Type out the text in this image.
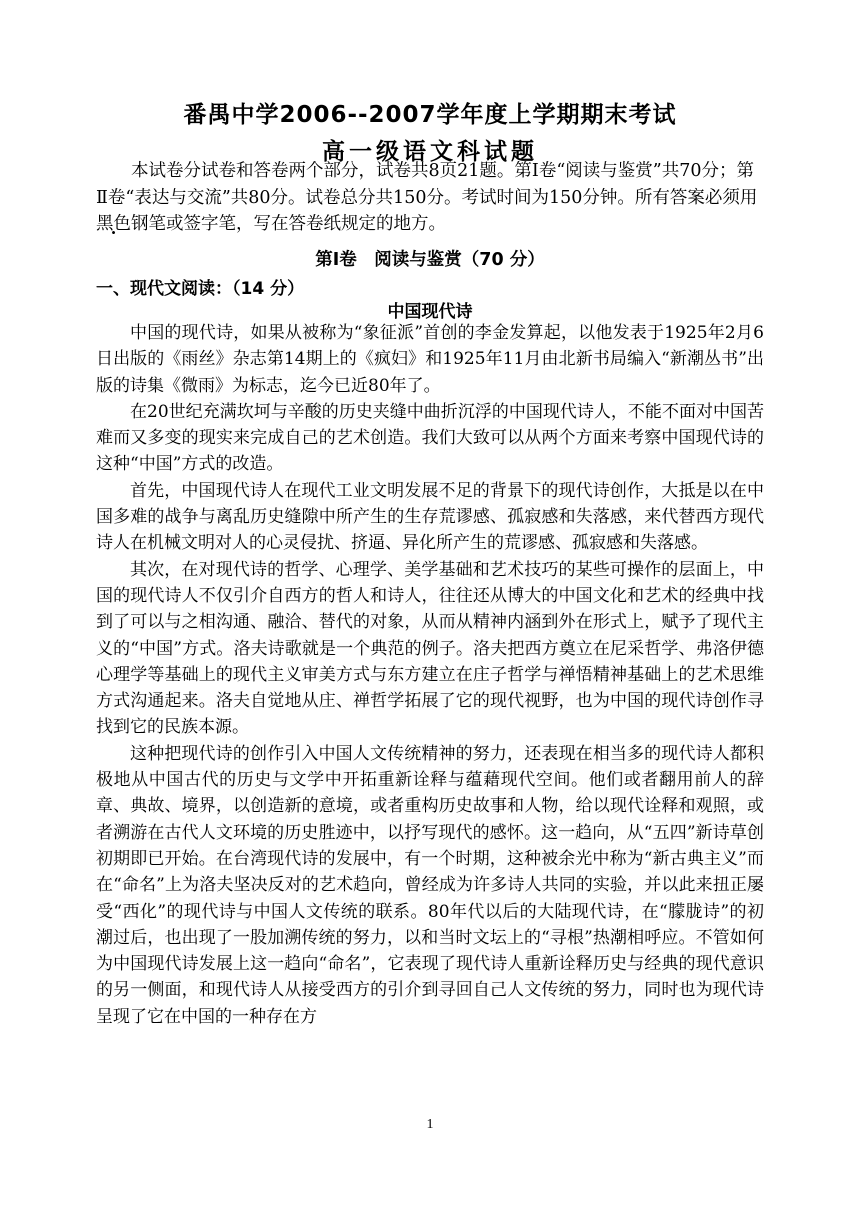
番禺中学2006--2007学年度上学期期末考试
高一级语文科试题
本试卷分试卷和答卷两个部分，试卷共8页21题。第Ⅰ卷“阅读与鉴赏”共70分；第Ⅱ卷“表达与交流”共80分。试卷总分共150分。考试时间为150分钟。所有答案必须用黑色钢笔或签字笔，写在答卷纸规定的地方。
第Ⅰ卷　阅读与鉴赏（70 分）
一、现代文阅读：（14 分）
中国现代诗

中国的现代诗，如果从被称为“象征派”首创的李金发算起，以他发表于1925年2月6日出版的《雨丝》杂志第14期上的《疯妇》和1925年11月由北新书局编入“新潮丛书”出版的诗集《微雨》为标志，迄今已近80年了。

在20世纪充满坎坷与辛酸的历史夹缝中曲折沉浮的中国现代诗人，不能不面对中国苦难而又多变的现实来完成自己的艺术创造。我们大致可以从两个方面来考察中国现代诗的这种“中国”方式的改造。

首先，中国现代诗人在现代工业文明发展不足的背景下的现代诗创作，大抵是以在中国多难的战争与离乱历史缝隙中所产生的生存荒谬感、孤寂感和失落感，来代替西方现代诗人在机械文明对人的心灵侵扰、挤逼、异化所产生的荒谬感、孤寂感和失落感。

其次，在对现代诗的哲学、心理学、美学基础和艺术技巧的某些可操作的层面上，中国的现代诗人不仅引介自西方的哲人和诗人，往往还从博大的中国文化和艺术的经典中找到了可以与之相沟通、融洽、替代的对象，从而从精神内涵到外在形式上，赋予了现代主义的“中国”方式。洛夫诗歌就是一个典范的例子。洛夫把西方奠立在尼采哲学、弗洛伊德心理学等基础上的现代主义审美方式与东方建立在庄子哲学与禅悟精神基础上的艺术思维方式沟通起来。洛夫自觉地从庄、禅哲学拓展了它的现代视野，也为中国的现代诗创作寻找到它的民族本源。

这种把现代诗的创作引入中国人文传统精神的努力，还表现在相当多的现代诗人都积极地从中国古代的历史与文学中开拓重新诠释与蕴藉现代空间。他们或者翻用前人的辞章、典故、境界，以创造新的意境，或者重构历史故事和人物，给以现代诠释和观照，或者溯游在古代人文环境的历史胜迹中，以抒写现代的感怀。这一趋向，从“五四”新诗草创初期即已开始。在台湾现代诗的发展中，有一个时期，这种被余光中称为“新古典主义”而在“命名”上为洛夫坚决反对的艺术趋向，曾经成为许多诗人共同的实验，并以此来扭正屡受“西化”的现代诗与中国人文传统的联系。80年代以后的大陆现代诗，在“朦胧诗”的初潮过后，也出现了一股加溯传统的努力，以和当时文坛上的“寻根”热潮相呼应。不管如何为中国现代诗发展上这一趋向“命名”，它表现了现代诗人重新诠释历史与经典的现代意识的另一侧面，和现代诗人从接受西方的引介到寻回自己人文传统的努力，同时也为现代诗呈现了它在中国的一种存在方

1
